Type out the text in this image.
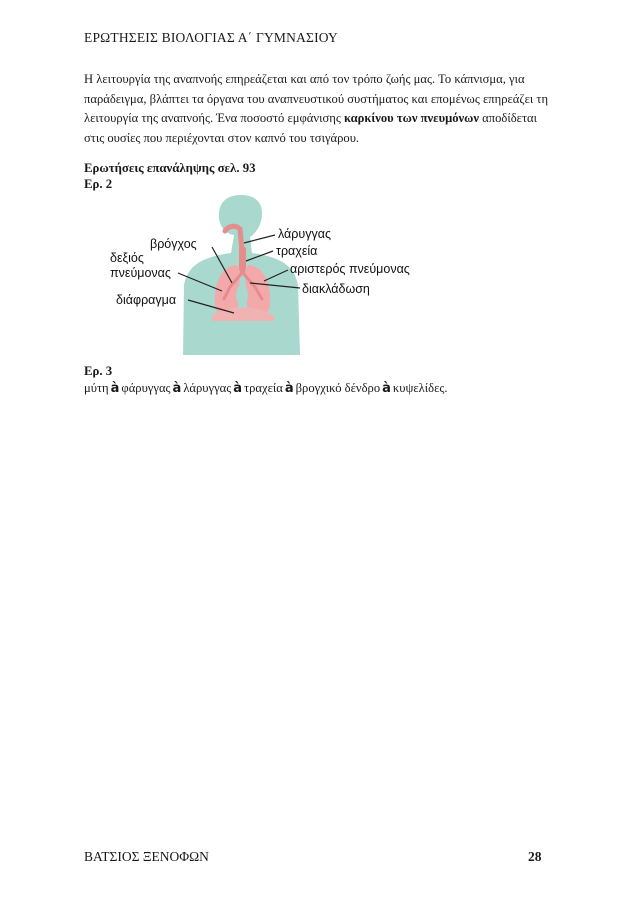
ΕΡΩΤΗΣΕΙΣ ΒΙΟΛΟΓΙΑΣ Α΄ ΓΥΜΝΑΣΙΟΥ
Η λειτουργία της αναπνοής επηρεάζεται και από τον τρόπο ζωής μας. Το κάπνισμα, για παράδειγμα, βλάπτει τα όργανα του αναπνευστικού συστήματος και επομένως επηρεάζει τη λειτουργία της αναπνοής. Ένα ποσοστό εμφάνισης καρκίνου των πνευμόνων αποδίδεται στις ουσίες που περιέχονται στον καπνό του τσιγάρου.
Ερωτήσεις επανάληψης σελ. 93
Ερ. 2
βρόγχος
δεξιός
πνεύμονας
διάφραγμα
λάρυγγας
τραχεία
αριστερός πνεύμονας
διακλάδωση
Ερ. 3
μύτη à φάρυγγας à λάρυγγας à τραχεία à βρογχικό δένδρο à κυψελίδες.
ΒΑΤΣΙΟΣ ΞΕΝΟΦΩΝ	28
